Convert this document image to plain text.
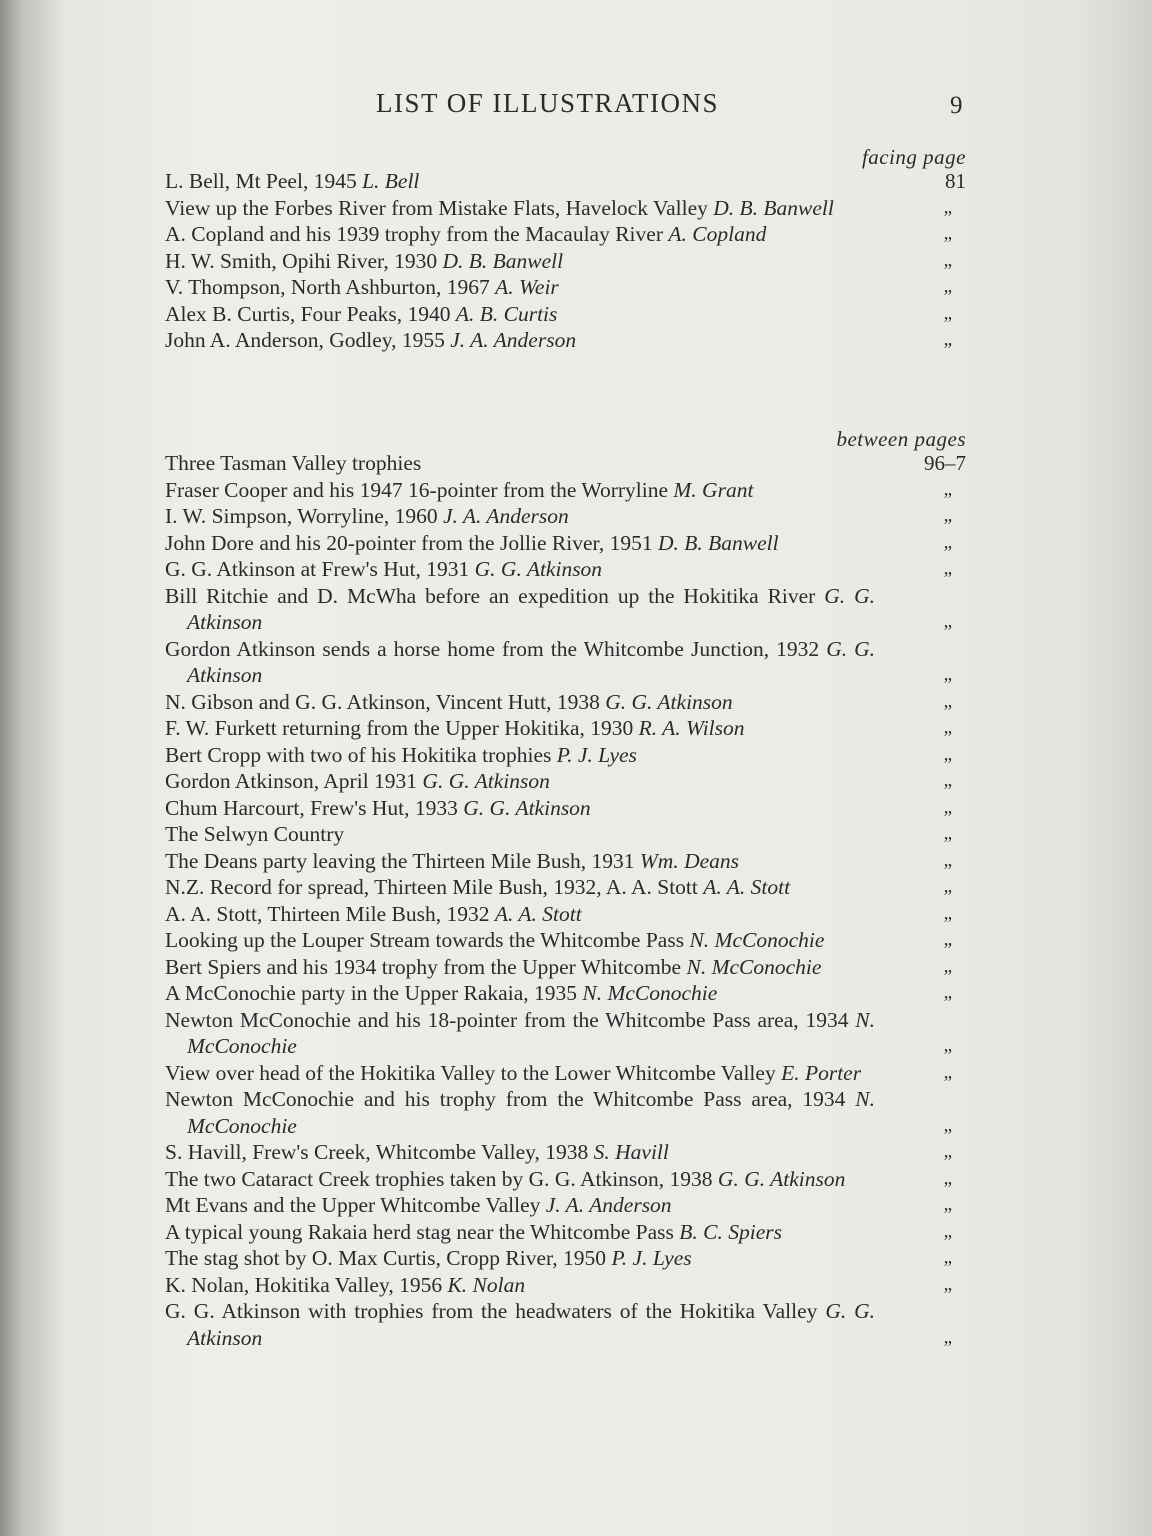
LIST OF ILLUSTRATIONS	9
facing page
L. Bell, Mt Peel, 1945 L. Bell	81
View up the Forbes River from Mistake Flats, Havelock Valley D. B. Banwell	„
A. Copland and his 1939 trophy from the Macaulay River A. Copland	„
H. W. Smith, Opihi River, 1930 D. B. Banwell	„
V. Thompson, North Ashburton, 1967 A. Weir	„
Alex B. Curtis, Four Peaks, 1940 A. B. Curtis	„
John A. Anderson, Godley, 1955 J. A. Anderson	„
between pages
Three Tasman Valley trophies	96–7
Fraser Cooper and his 1947 16-pointer from the Worryline M. Grant	„
I. W. Simpson, Worryline, 1960 J. A. Anderson	„
John Dore and his 20-pointer from the Jollie River, 1951 D. B. Banwell	„
G. G. Atkinson at Frew's Hut, 1931 G. G. Atkinson	„
Bill Ritchie and D. McWha before an expedition up the Hokitika River G. G. Atkinson	„
Gordon Atkinson sends a horse home from the Whitcombe Junction, 1932 G. G. Atkinson	„
N. Gibson and G. G. Atkinson, Vincent Hutt, 1938 G. G. Atkinson	„
F. W. Furkett returning from the Upper Hokitika, 1930 R. A. Wilson	„
Bert Cropp with two of his Hokitika trophies P. J. Lyes	„
Gordon Atkinson, April 1931 G. G. Atkinson	„
Chum Harcourt, Frew's Hut, 1933 G. G. Atkinson	„
The Selwyn Country	„
The Deans party leaving the Thirteen Mile Bush, 1931 Wm. Deans	„
N.Z. Record for spread, Thirteen Mile Bush, 1932, A. A. Stott A. A. Stott	„
A. A. Stott, Thirteen Mile Bush, 1932 A. A. Stott	„
Looking up the Louper Stream towards the Whitcombe Pass N. McConochie	„
Bert Spiers and his 1934 trophy from the Upper Whitcombe N. McConochie	„
A McConochie party in the Upper Rakaia, 1935 N. McConochie	„
Newton McConochie and his 18-pointer from the Whitcombe Pass area, 1934 N. McConochie	„
View over head of the Hokitika Valley to the Lower Whitcombe Valley E. Porter	„
Newton McConochie and his trophy from the Whitcombe Pass area, 1934 N. McConochie	„
S. Havill, Frew's Creek, Whitcombe Valley, 1938 S. Havill	„
The two Cataract Creek trophies taken by G. G. Atkinson, 1938 G. G. Atkinson	„
Mt Evans and the Upper Whitcombe Valley J. A. Anderson	„
A typical young Rakaia herd stag near the Whitcombe Pass B. C. Spiers	„
The stag shot by O. Max Curtis, Cropp River, 1950 P. J. Lyes	„
K. Nolan, Hokitika Valley, 1956 K. Nolan	„
G. G. Atkinson with trophies from the headwaters of the Hokitika Valley G. G. Atkinson	„
